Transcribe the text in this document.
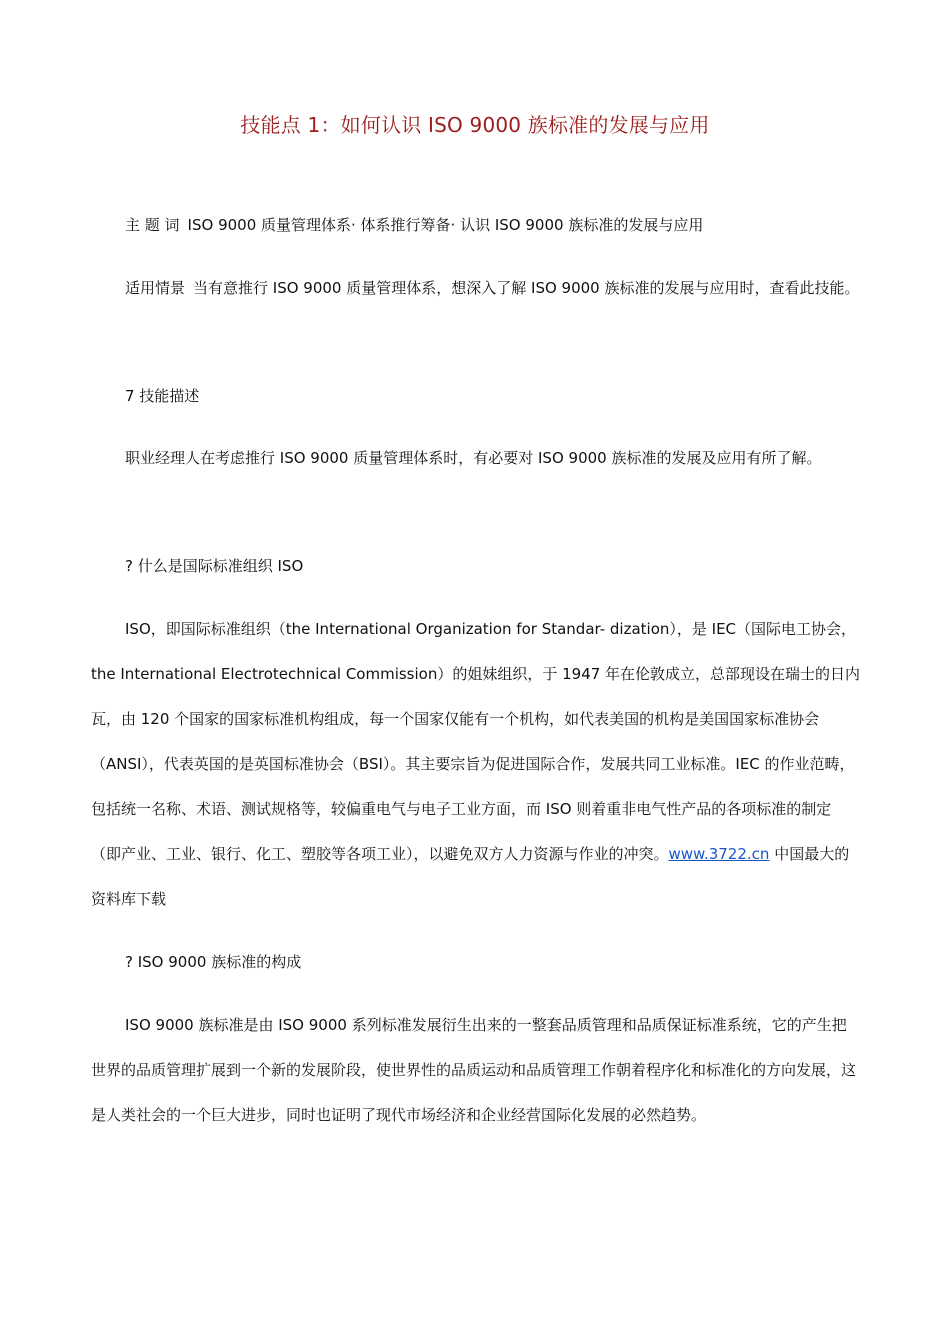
技能点 1：如何认识 ISO 9000 族标准的发展与应用

主 题 词 ISO 9000 质量管理体系· 体系推行筹备· 认识 ISO 9000 族标准的发展与应用

适用情景 当有意推行 ISO 9000 质量管理体系，想深入了解 ISO 9000 族标准的发展与应用时，查看此技能。

7 技能描述

职业经理人在考虑推行 ISO 9000 质量管理体系时，有必要对 ISO 9000 族标准的发展及应用有所了解。

? 什么是国际标准组织 ISO

ISO，即国际标准组织（the International Organization for Standar- dization），是 IEC（国际电工协会，the International Electrotechnical Commission）的姐妹组织，于 1947 年在伦敦成立，总部现设在瑞士的日内瓦，由 120 个国家的国家标准机构组成，每一个国家仅能有一个机构，如代表美国的机构是美国国家标准协会（ANSI），代表英国的是英国标准协会（BSI）。其主要宗旨为促进国际合作，发展共同工业标准。IEC 的作业范畴，包括统一名称、术语、测试规格等，较偏重电气与电子工业方面，而 ISO 则着重非电气性产品的各项标准的制定（即产业、工业、银行、化工、塑胶等各项工业），以避免双方人力资源与作业的冲突。www.3722.cn 中国最大的资料库下载

? ISO 9000 族标准的构成

ISO 9000 族标准是由 ISO 9000 系列标准发展衍生出来的一整套品质管理和品质保证标准系统，它的产生把世界的品质管理扩展到一个新的发展阶段，使世界性的品质运动和品质管理工作朝着程序化和标准化的方向发展，这是人类社会的一个巨大进步，同时也证明了现代市场经济和企业经营国际化发展的必然趋势。
